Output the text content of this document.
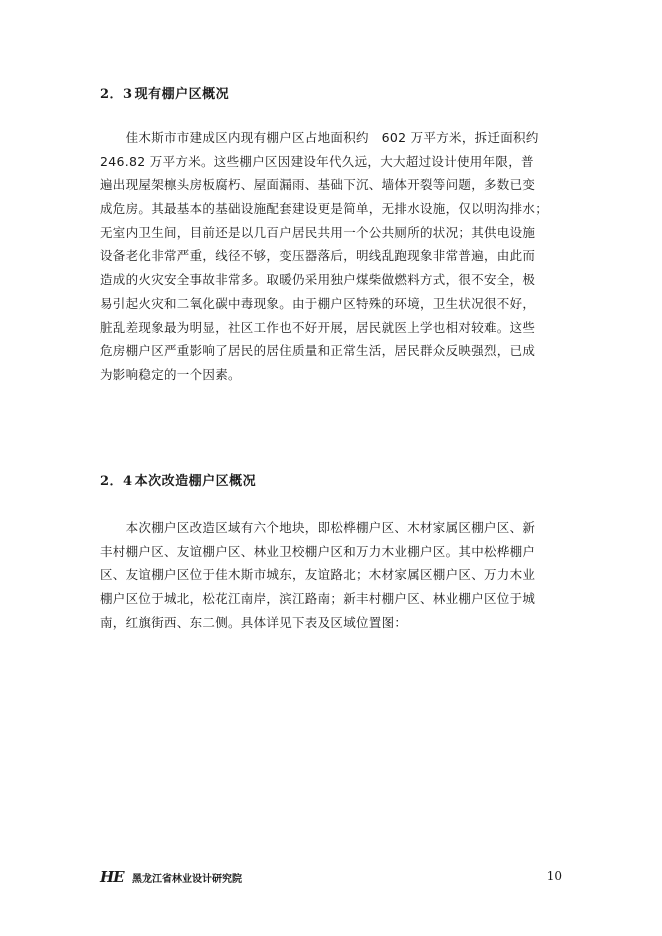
2．3 现有棚户区概况
　　佳木斯市市建成区内现有棚户区占地面积约　602 万平方米，拆迁面积约
246.82 万平方米。这些棚户区因建设年代久远，大大超过设计使用年限，普
遍出现屋架檩头房板腐朽、屋面漏雨、基础下沉、墙体开裂等问题，多数已变
成危房。其最基本的基础设施配套建设更是简单，无排水设施，仅以明沟排水；
无室内卫生间，目前还是以几百户居民共用一个公共厕所的状况；其供电设施
设备老化非常严重，线径不够，变压器落后，明线乱跑现象非常普遍，由此而
造成的火灾安全事故非常多。取暖仍采用独户煤柴做燃料方式，很不安全，极
易引起火灾和二氧化碳中毒现象。由于棚户区特殊的环境，卫生状况很不好，
脏乱差现象最为明显，社区工作也不好开展，居民就医上学也相对较难。这些
危房棚户区严重影响了居民的居住质量和正常生活，居民群众反映强烈，已成
为影响稳定的一个因素。
2．4 本次改造棚户区概况
　　本次棚户区改造区域有六个地块，即松桦棚户区、木材家属区棚户区、新
丰村棚户区、友谊棚户区、林业卫校棚户区和万力木业棚户区。其中松桦棚户
区、友谊棚户区位于佳木斯市城东，友谊路北；木材家属区棚户区、万力木业
棚户区位于城北，松花江南岸，滨江路南；新丰村棚户区、林业棚户区位于城
南，红旗街西、东二侧。具体详见下表及区域位置图：
HE 黑龙江省林业设计研究院	10
